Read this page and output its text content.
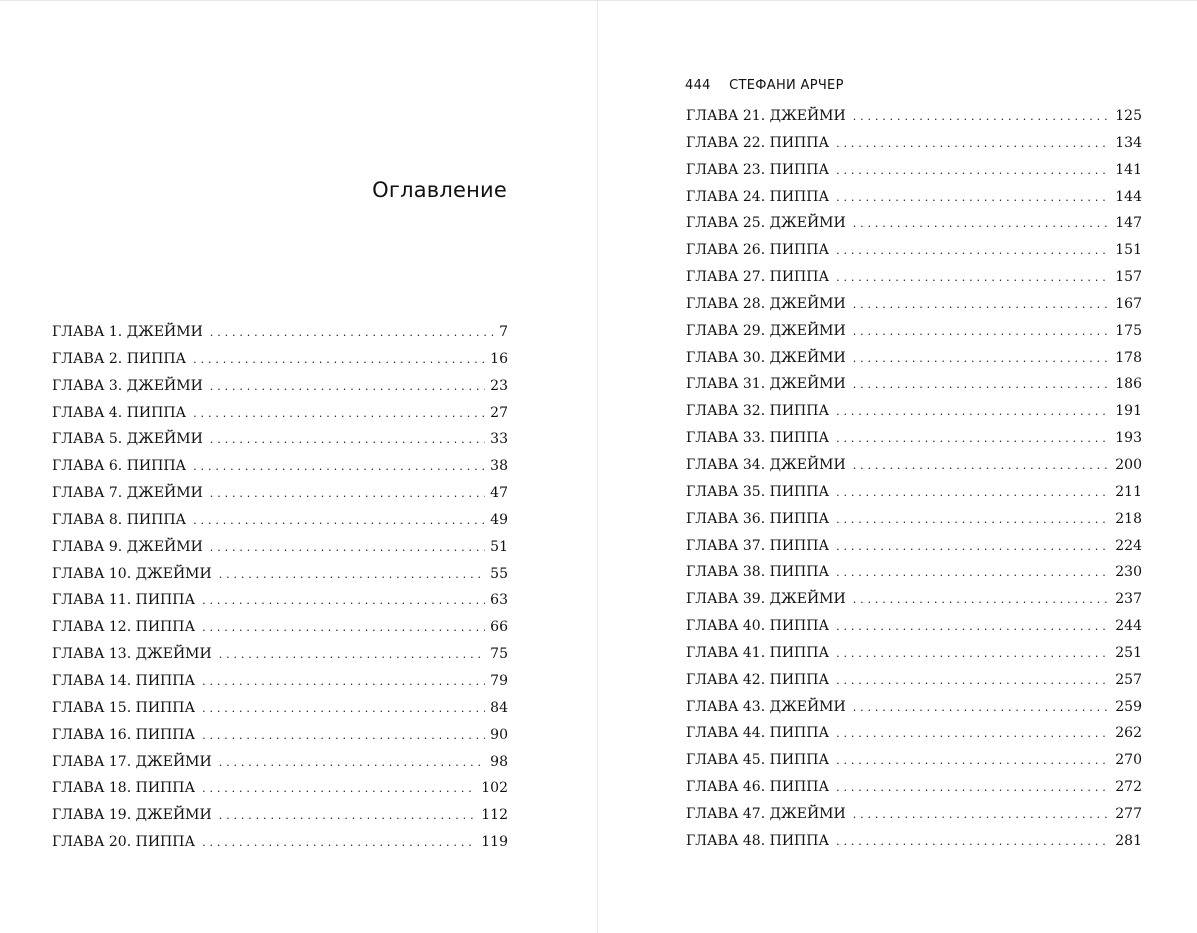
Оглавление
ГЛАВА 1. ДЖЕЙМИ . . .	7
ГЛАВА 2. ПИППА . . .	16
ГЛАВА 3. ДЖЕЙМИ . . .	23
ГЛАВА 4. ПИППА . . .	27
ГЛАВА 5. ДЖЕЙМИ . . .	33
ГЛАВА 6. ПИППА . . .	38
ГЛАВА 7. ДЖЕЙМИ . . .	47
ГЛАВА 8. ПИППА . . .	49
ГЛАВА 9. ДЖЕЙМИ . . .	51
ГЛАВА 10. ДЖЕЙМИ . . .	55
ГЛАВА 11. ПИППА . . .	63
ГЛАВА 12. ПИППА . . .	66
ГЛАВА 13. ДЖЕЙМИ . . .	75
ГЛАВА 14. ПИППА . . .	79
ГЛАВА 15. ПИППА . . .	84
ГЛАВА 16. ПИППА . . .	90
ГЛАВА 17. ДЖЕЙМИ . . .	98
ГЛАВА 18. ПИППА . . .	102
ГЛАВА 19. ДЖЕЙМИ . . .	112
ГЛАВА 20. ПИППА . . .	119
444 СТЕФАНИ АРЧЕР
ГЛАВА 21. ДЖЕЙМИ . . .	125
ГЛАВА 22. ПИППА . . .	134
ГЛАВА 23. ПИППА . . .	141
ГЛАВА 24. ПИППА . . .	144
ГЛАВА 25. ДЖЕЙМИ . . .	147
ГЛАВА 26. ПИППА . . .	151
ГЛАВА 27. ПИППА . . .	157
ГЛАВА 28. ДЖЕЙМИ . . .	167
ГЛАВА 29. ДЖЕЙМИ . . .	175
ГЛАВА 30. ДЖЕЙМИ . . .	178
ГЛАВА 31. ДЖЕЙМИ . . .	186
ГЛАВА 32. ПИППА . . .	191
ГЛАВА 33. ПИППА . . .	193
ГЛАВА 34. ДЖЕЙМИ . . .	200
ГЛАВА 35. ПИППА . . .	211
ГЛАВА 36. ПИППА . . .	218
ГЛАВА 37. ПИППА . . .	224
ГЛАВА 38. ПИППА . . .	230
ГЛАВА 39. ДЖЕЙМИ . . .	237
ГЛАВА 40. ПИППА . . .	244
ГЛАВА 41. ПИППА . . .	251
ГЛАВА 42. ПИППА . . .	257
ГЛАВА 43. ДЖЕЙМИ . . .	259
ГЛАВА 44. ПИППА . . .	262
ГЛАВА 45. ПИППА . . .	270
ГЛАВА 46. ПИППА . . .	272
ГЛАВА 47. ДЖЕЙМИ . . .	277
ГЛАВА 48. ПИППА . . .	281
